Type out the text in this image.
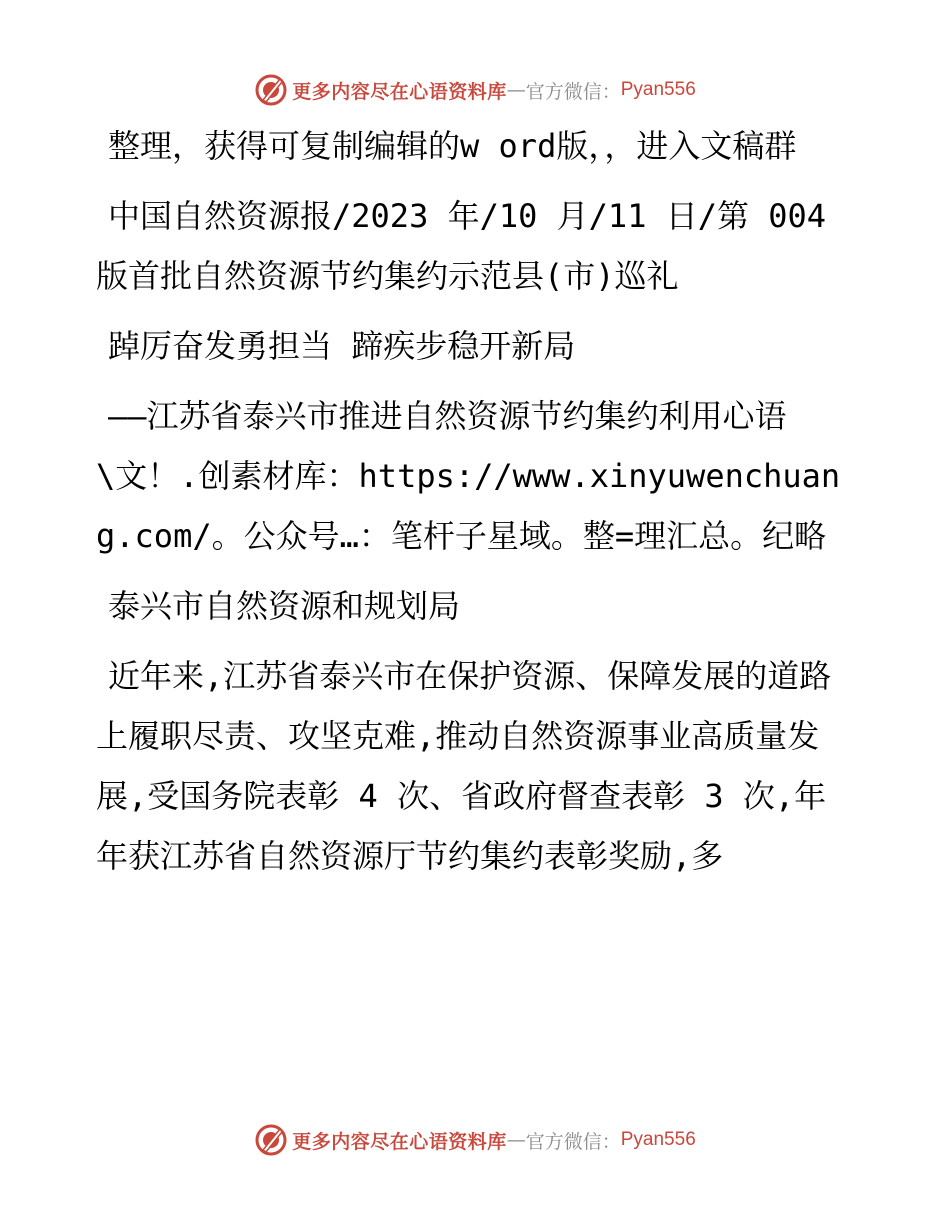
更多内容尽在心语资料库 — 官方微信： Pyan556

整理，获得可复制编辑的w ord版，，进入文稿群

中国自然资源报/2023 年/10 月/11 日/第 004 版首批自然资源节约集约示范县(市)巡礼

踔厉奋发勇担当 蹄疾步稳开新局

——江苏省泰兴市推进自然资源节约集约利用心语\文！.创素材库：https://www.xinyuwenchuang.com/。公众号…：笔杆子星域。整=理汇总。纪略

泰兴市自然资源和规划局

近年来,江苏省泰兴市在保护资源、保障发展的道路上履职尽责、攻坚克难,推动自然资源事业高质量发展,受国务院表彰 4 次、省政府督查表彰 3 次,年年获江苏省自然资源厅节约集约表彰奖励,多

更多内容尽在心语资料库 — 官方微信： Pyan556
